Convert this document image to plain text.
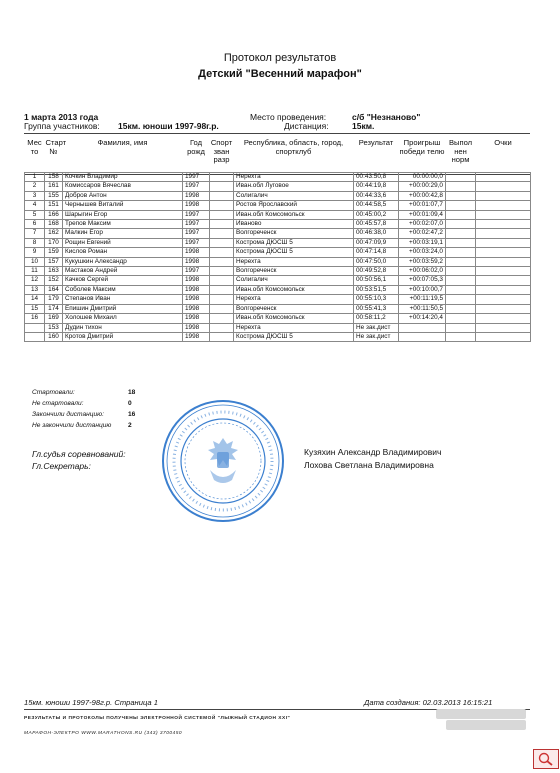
Протокол результатов
Детский "Весенний марафон"
1 марта 2013 года
Группа участников: 15км. юноши 1997-98г.р.
Место проведения:	с/б "Незнаново"
Дистанция:	15км.
Мес то	Старт №	Фамилия, имя	Год рожд	Спорт зван разр	Республика, область, город, спортклуб	Результат	Проигрыш победи телю	Выпол нен норм	Очки
1	158	Кочкин Владимир	1997		Нерехта	00:43:50,8	00:00:00,0		
2	161	Комиссаров Вячеслав	1997		Иван.обл Луговое	00:44:19,8	+00:00:29,0		
3	155	Добров Антон	1998		Солигалич	00:44:33,6	+00:00:42,8		
4	151	Чернышев Виталий	1998		Ростов Ярославский	00:44:58,5	+00:01:07,7		
5	166	Шарыгин Егор	1997		Иван.обл Комсомольск	00:45:00,2	+00:01:09,4		
6	168	Трепов Максим	1997		Иваново	00:45:57,8	+00:02:07,0		
7	162	Малкин Егор	1997		Волгореченск	00:46:38,0	+00:02:47,2		
8	170	Рощин Евгений	1997		Кострома ДЮСШ 5	00:47:09,9	+00:03:19,1		
9	159	Кислов Роман	1998		Кострома ДЮСШ 5	00:47:14,8	+00:03:24,0		
10	157	Кукушкин Александр	1998		Нерехта	00:47:50,0	+00:03:59,2		
11	163	Мастаков Андрей	1997		Волгореченск	00:49:52,8	+00:06:02,0		
12	152	Качков Сергей	1998		Солигалич	00:50:56,1	+00:07:05,3		
13	164	Соболев Максим	1998		Иван.обл Комсомольск	00:53:51,5	+00:10:00,7		
14	179	Степанов Иван	1998		Нерехта	00:55:10,3	+00:11:19,5		
15	174	Епишин Дмитрий	1998		Волгореченск	00:55:41,3	+00:11:50,5		
16	169	Холошев Михаил	1998		Иван.обл Комсомольск	00:58:11,2	+00:14:20,4		
	153	Дудин тихон	1998		Нерехта	Не зак.дист			
	160	Кротов Дмитрий	1998		Кострома ДЮСШ 5	Не зак.дист			
Стартовали:	18
Не стартовали:	0
Закончили дистанцию:	16
Не закончили дистанцию	2
Гл.судья соревнований:
Гл.Секретарь:
Кузяхин Александр Владимирович
Лохова Светлана Владимировна
15км. юноши 1997-98г.р. Страница 1	Дата создания: 02.03.2013 16:15:21
РЕЗУЛЬТАТЫ И ПРОТОКОЛЫ ПОЛУЧЕНЫ ЭЛЕКТРОННОЙ СИСТЕМОЙ "ЛЫЖНЫЙ СТАДИОН XXI"
МАРАФОН-ЭЛЕКТРО WWW.MARATHONS.RU (343) 3700450
